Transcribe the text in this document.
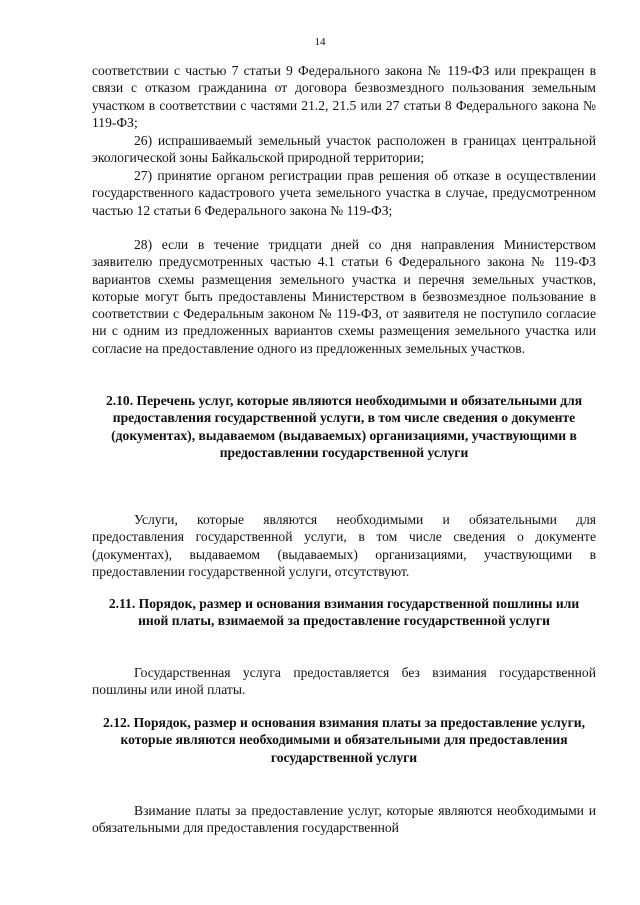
14

соответствии с частью 7 статьи 9 Федерального закона № 119-ФЗ или прекращен в связи с отказом гражданина от договора безвозмездного пользования земельным участком в соответствии с частями 21.2, 21.5 или 27 статьи 8 Федерального закона № 119-ФЗ;

26) испрашиваемый земельный участок расположен в границах центральной экологической зоны Байкальской природной территории;

27) принятие органом регистрации прав решения об отказе в осуществлении государственного кадастрового учета земельного участка в случае, предусмотренном частью 12 статьи 6 Федерального закона № 119-ФЗ;

28) если в течение тридцати дней со дня направления Министерством заявителю предусмотренных частью 4.1 статьи 6 Федерального закона № 119-ФЗ вариантов схемы размещения земельного участка и перечня земельных участков, которые могут быть предоставлены Министерством в безвозмездное пользование в соответствии с Федеральным законом № 119-ФЗ, от заявителя не поступило согласие ни с одним из предложенных вариантов схемы размещения земельного участка или согласие на предоставление одного из предложенных земельных участков.

2.10. Перечень услуг, которые являются необходимыми и обязательными для предоставления государственной услуги, в том числе сведения о документе (документах), выдаваемом (выдаваемых) организациями, участвующими в предоставлении государственной услуги

Услуги, которые являются необходимыми и обязательными для предоставления государственной услуги, в том числе сведения о документе (документах), выдаваемом (выдаваемых) организациями, участвующими в предоставлении государственной услуги, отсутствуют.

2.11. Порядок, размер и основания взимания государственной пошлины или иной платы, взимаемой за предоставление государственной услуги

Государственная услуга предоставляется без взимания государственной пошлины или иной платы.

2.12. Порядок, размер и основания взимания платы за предоставление услуги, которые являются необходимыми и обязательными для предоставления государственной услуги

Взимание платы за предоставление услуг, которые являются необходимыми и обязательными для предоставления государственной
